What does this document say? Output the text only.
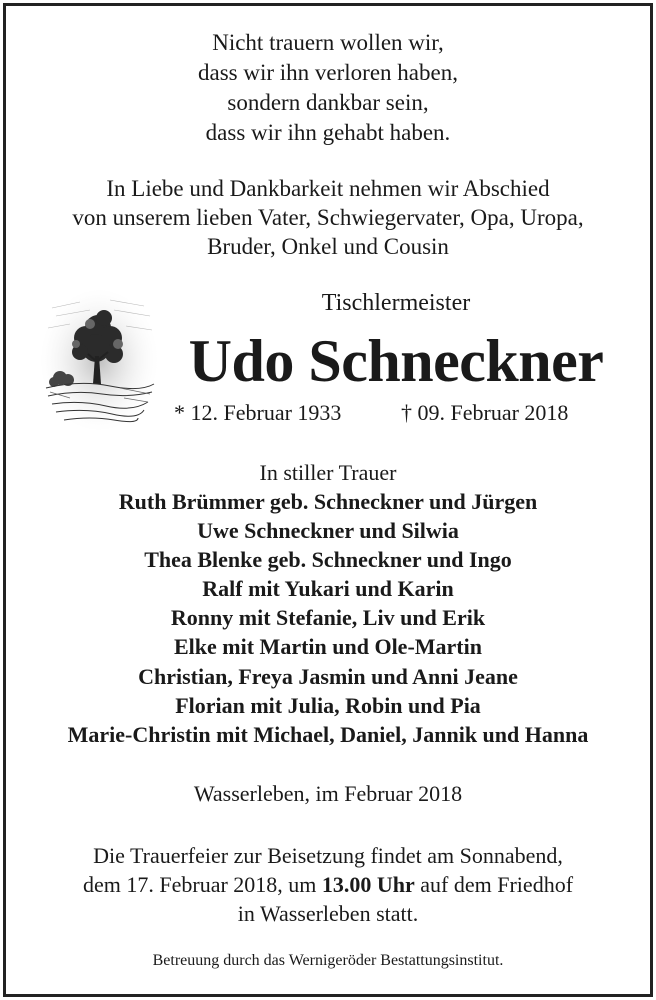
Nicht trauern wollen wir,
dass wir ihn verloren haben,
sondern dankbar sein,
dass wir ihn gehabt haben.
In Liebe und Dankbarkeit nehmen wir Abschied
von unserem lieben Vater, Schwiegervater, Opa, Uropa,
Bruder, Onkel und Cousin
Tischlermeister
Udo Schneckner
* 12. Februar 1933	† 09. Februar 2018
In stiller Trauer
Ruth Brümmer geb. Schneckner und Jürgen
Uwe Schneckner und Silwia
Thea Blenke geb. Schneckner und Ingo
Ralf mit Yukari und Karin
Ronny mit Stefanie, Liv und Erik
Elke mit Martin und Ole-Martin
Christian, Freya Jasmin und Anni Jeane
Florian mit Julia, Robin und Pia
Marie-Christin mit Michael, Daniel, Jannik und Hanna
Wasserleben, im Februar 2018
Die Trauerfeier zur Beisetzung findet am Sonnabend,
dem 17. Februar 2018, um 13.00 Uhr auf dem Friedhof
in Wasserleben statt.
Betreuung durch das Wernigeröder Bestattungsinstitut.
